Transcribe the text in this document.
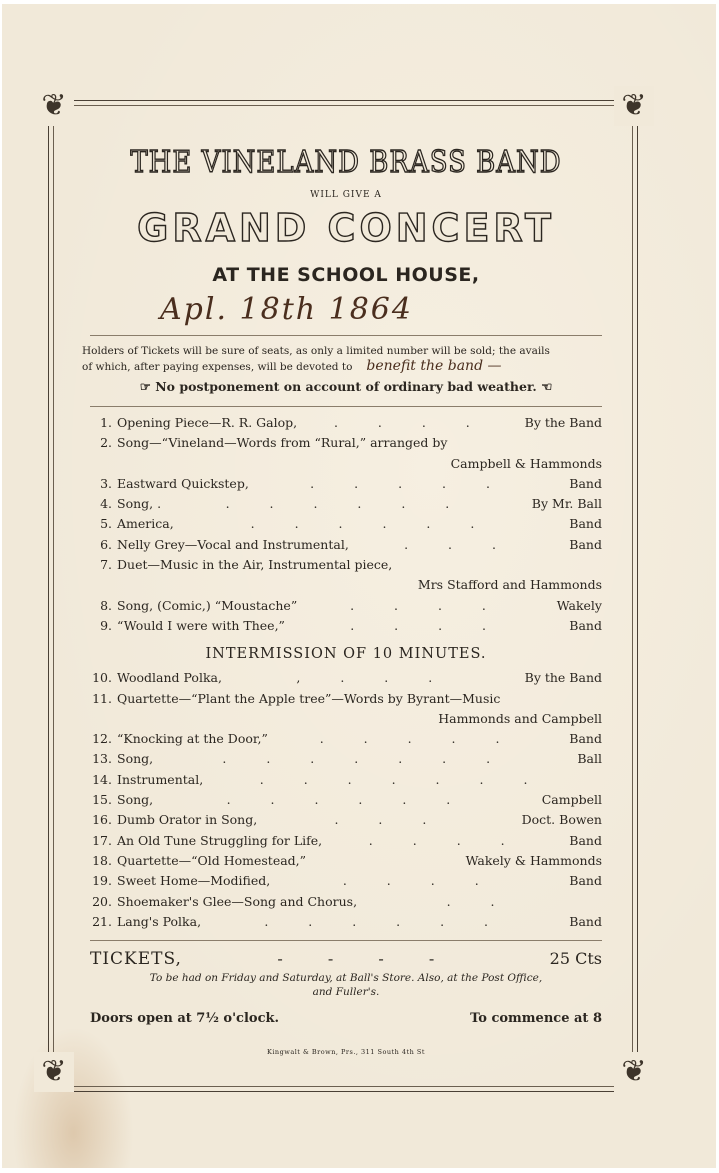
❦	❦
❦	❦
THE VINELAND BRASS BAND
WILL GIVE A
GRAND CONCERT
AT THE SCHOOL HOUSE,
Apl. 18th 1864
Holders of Tickets will be sure of seats, as only a limited number will be sold; the avails
of which, after paying expenses, will be devoted to benefit the band —
☞ No postponement on account of ordinary bad weather. ☜
1. Opening Piece—R. R. Galop,	. . . .	By the Band
2. Song—“Vineland—Words from “Rural,” arranged by
Campbell & Hammonds
3. Eastward Quickstep,	. . . . .	Band
4. Song, .	. . . . . .	By Mr. Ball
5. America,	. . . . . .	Band
6. Nelly Grey—Vocal and Instrumental,	. . .	Band
7. Duet—Music in the Air, Instrumental piece,
Mrs Stafford and Hammonds
8. Song, (Comic,) “Moustache”	. . . .	Wakely
9. “Would I were with Thee,”	. . . .	Band
INTERMISSION OF 10 MINUTES.
10. Woodland Polka,	, . . .	By the Band
11. Quartette—“Plant the Apple tree”—Words by Byrant—Music
Hammonds and Campbell
12. “Knocking at the Door,”	. . . . .	Band
13. Song,	. . . . . . .	Ball
14. Instrumental,	. . . . . . .
15. Song,	. . . . . .	Campbell
16. Dumb Orator in Song,	. . .	Doct. Bowen
17. An Old Tune Struggling for Life,	. . . .	Band
18. Quartette—“Old Homestead,”	Wakely & Hammonds
19. Sweet Home—Modified,	. . . .	Band
20. Shoemaker's Glee—Song and Chorus,	. .
21. Lang's Polka,	. . . . . .	Band
TICKETS,	- - - -	25 Cts
To be had on Friday and Saturday, at Ball's Store. Also, at the Post Office,
and Fuller's.
Doors open at 7½ o'clock.	To commence at 8
Kingwalt & Brown, Prs., 311 South 4th St
